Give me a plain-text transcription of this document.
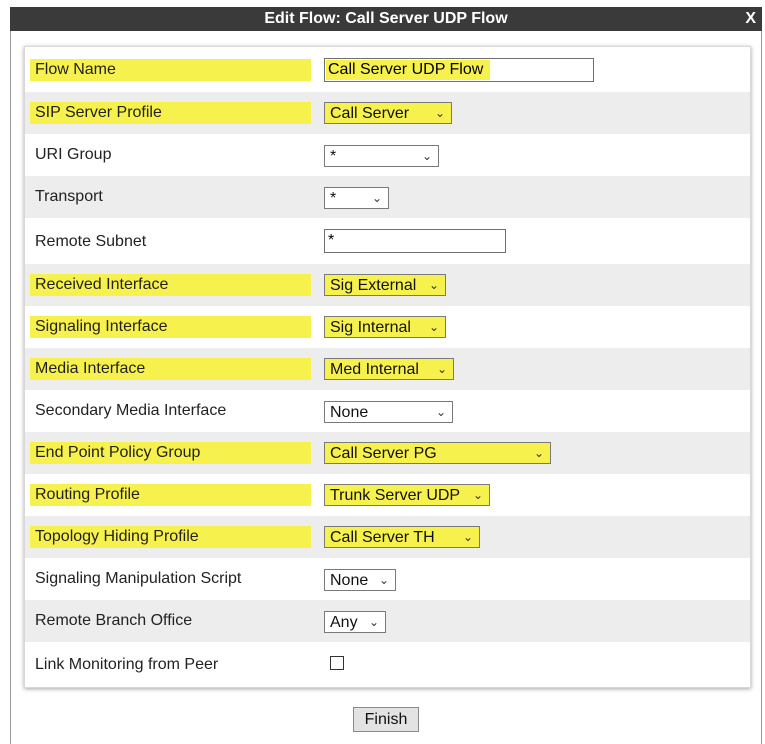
Edit Flow: Call Server UDP Flow	X
Flow Name	Call Server UDP Flow
SIP Server Profile	Call Server ⌄
URI Group	*	⌄
Transport	*	⌄
Remote Subnet	*
Received Interface	Sig External ⌄
Signaling Interface	Sig Internal ⌄
Media Interface	Med Internal ⌄
Secondary Media Interface	None	⌄
End Point Policy Group	Call Server PG	⌄
Routing Profile	Trunk Server UDP ⌄
Topology Hiding Profile	Call Server TH ⌄
Signaling Manipulation Script	None ⌄
Remote Branch Office	Any ⌄
Link Monitoring from Peer
Finish
